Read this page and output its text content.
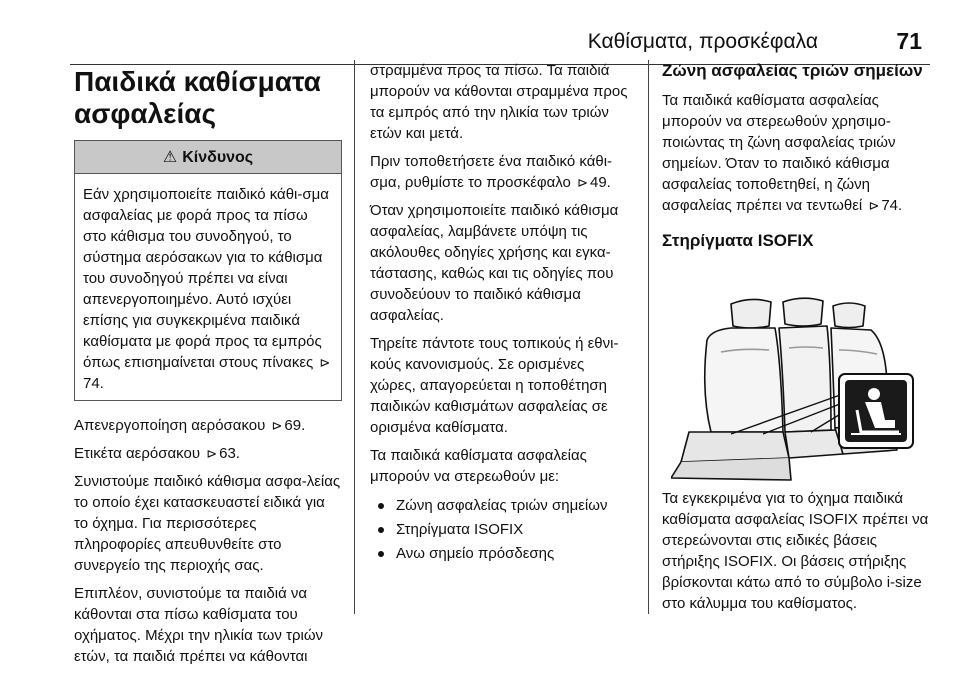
Καθίσματα, προσκέφαλα	71
Παιδικά καθίσματα
ασφαλείας
⚠ Κίνδυνος
Εάν χρησιμοποιείτε παιδικό κάθι-σμα ασφαλείας με φορά προς τα πίσω στο κάθισμα του συνοδηγού, το σύστημα αερόσακων για το κάθισμα του συνοδηγού πρέπει να είναι απενεργοποιημένο. Αυτό ισχύει επίσης για συγκεκριμένα παιδικά καθίσματα με φορά προς τα εμπρός όπως επισημαίνεται στους πίνακες ⊳74.

Απενεργοποίηση αερόσακου ⊳ 69.

Ετικέτα αερόσακου ⊳ 63.

Συνιστούμε παιδικό κάθισμα ασφα-λείας το οποίο έχει κατασκευαστεί ειδικά για το όχημα. Για περισσότερες πληροφορίες απευθυνθείτε στο συνεργείο της περιοχής σας.

Επιπλέον, συνιστούμε τα παιδιά να κάθονται στα πίσω καθίσματα του οχήματος. Μέχρι την ηλικία των τριών ετών, τα παιδιά πρέπει να κάθονται

στραμμένα προς τα πίσω. Τα παιδιά μπορούν να κάθονται στραμμένα προς τα εμπρός από την ηλικία των τριών ετών και μετά.

Πριν τοποθετήσετε ένα παιδικό κάθι-σμα, ρυθμίστε το προσκέφαλο ⊳ 49.

Όταν χρησιμοποιείτε παιδικό κάθισμα ασφαλείας, λαμβάνετε υπόψη τις ακόλουθες οδηγίες χρήσης και εγκα-τάστασης, καθώς και τις οδηγίες που συνοδεύουν το παιδικό κάθισμα ασφαλείας.

Τηρείτε πάντοτε τους τοπικούς ή εθνι-κούς κανονισμούς. Σε ορισμένες χώρες, απαγορεύεται η τοποθέτηση παιδικών καθισμάτων ασφαλείας σε ορισμένα καθίσματα.

Τα παιδικά καθίσματα ασφαλείας μπορούν να στερεωθούν με:

Ζώνη ασφαλείας τριών σημείων
Στηρίγματα ISOFIX
Ανω σημείο πρόσδεσης
Ζώνη ασφαλείας τριών σημείων

Τα παιδικά καθίσματα ασφαλείας μπορούν να στερεωθούν χρησιμο-ποιώντας τη ζώνη ασφαλείας τριών σημείων. Όταν το παιδικό κάθισμα ασφαλείας τοποθετηθεί, η ζώνη ασφαλείας πρέπει να τεντωθεί ⊳ 74.

Στηρίγματα ISOFIX

Τα εγκεκριμένα για το όχημα παιδικά καθίσματα ασφαλείας ISOFIX πρέπει να στερεώνονται στις ειδικές βάσεις στήριξης ISOFIX. Οι βάσεις στήριξης βρίσκονται κάτω από το σύμβολο i-size στο κάλυμμα του καθίσματος.
